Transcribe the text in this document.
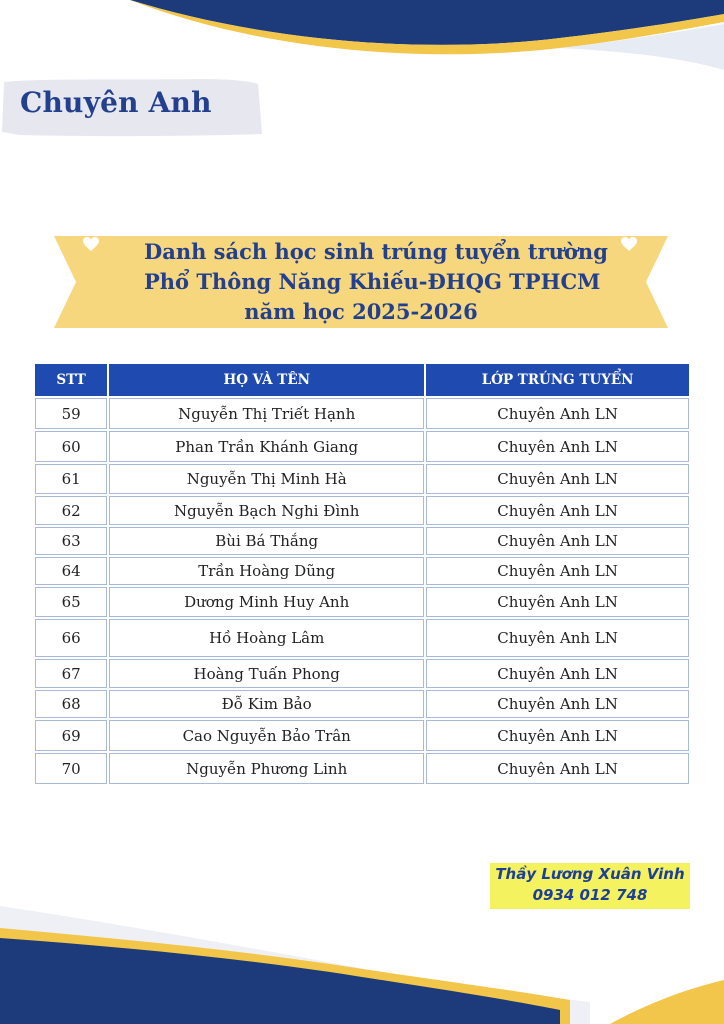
Chuyên Anh
Danh sách học sinh trúng tuyển trường
Phổ Thông Năng Khiếu-ĐHQG TPHCM
năm học 2025-2026
STT	HỌ VÀ TÊN	LỚP TRÚNG TUYỂN
59	Nguyễn Thị Triết Hạnh	Chuyên Anh LN
60	Phan Trần Khánh Giang	Chuyên Anh LN
61	Nguyễn Thị Minh Hà	Chuyên Anh LN
62	Nguyễn Bạch Nghi Đình	Chuyên Anh LN
63	Bùi Bá Thắng	Chuyên Anh LN
64	Trần Hoàng Dũng	Chuyên Anh LN
65	Dương Minh Huy Anh	Chuyên Anh LN
66	Hồ Hoàng Lâm	Chuyên Anh LN
67	Hoàng Tuấn Phong	Chuyên Anh LN
68	Đỗ Kim Bảo	Chuyên Anh LN
69	Cao Nguyễn Bảo Trân	Chuyên Anh LN
70	Nguyễn Phương Linh	Chuyên Anh LN
Thầy Lương Xuân Vinh
0934 012 748
